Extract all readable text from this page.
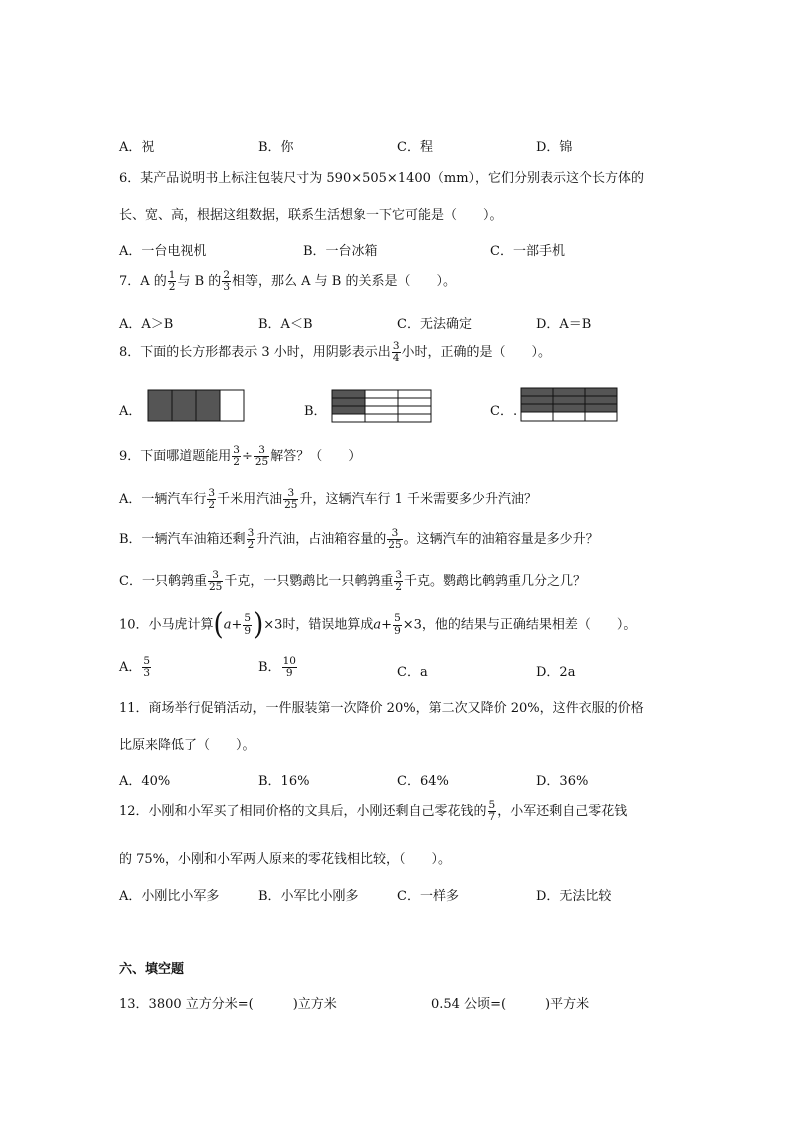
A．祝	B．你	C．程	D．锦
6．某产品说明书上标注包装尺寸为 590×505×1400（mm），它们分别表示这个长方体的
长、宽、高，根据这组数据，联系生活想象一下它可能是（　　）。
A．一台电视机	B．一台冰箱	C．一部手机
7．A 的 $\frac{1}{2}$ 与 B 的 $\frac{2}{3}$ 相等，那么 A 与 B 的关系是（　　）。
A．A＞B	B．A＜B	C．无法确定	D．A＝B
8．下面的长方形都表示 3 小时，用阴影表示出 $\frac{3}{4}$ 小时，正确的是（　　）。
A．	B．	C．.
9．下面哪道题能用 $\frac{3}{2} \div \frac{3}{25}$ 解答？（　　）
A．一辆汽车行 $\frac{3}{2}$ 千米用汽油 $\frac{3}{25}$ 升，这辆汽车行 1 千米需要多少升汽油？
B．一辆汽车油箱还剩 $\frac{3}{2}$ 升汽油，占油箱容量的 $\frac{3}{25}$ 。这辆汽车的油箱容量是多少升？
C．一只鹌鹑重 $\frac{3}{25}$ 千克，一只鹦鹉比一只鹌鹑重 $\frac{3}{2}$ 千克。鹦鹉比鹌鹑重几分之几？
10．小马虎计算$(a+ \frac{5}{9} )\times 3$时，错误地算成$a+ \frac{5}{9} \times 3$，他的结果与正确结果相差（　　）。
A． $\frac{5}{3}$	B． $\frac{10}{9}$	C．a	D．2a
11．商场举行促销活动，一件服装第一次降价 20%，第二次又降价 20%，这件衣服的价格
比原来降低了（　　）。
A．40%	B．16%	C．64%	D．36%
12．小刚和小军买了相同价格的文具后，小刚还剩自己零花钱的 $\frac{5}{7}$ ，小军还剩自己零花钱
的 75%，小刚和小军两人原来的零花钱相比较，（　　）。
A．小刚比小军多	B．小军比小刚多	C．一样多	D．无法比较
六、填空题
13．3800 立方分米=(　　　)立方米	0.54 公顷=(　　　)平方米
